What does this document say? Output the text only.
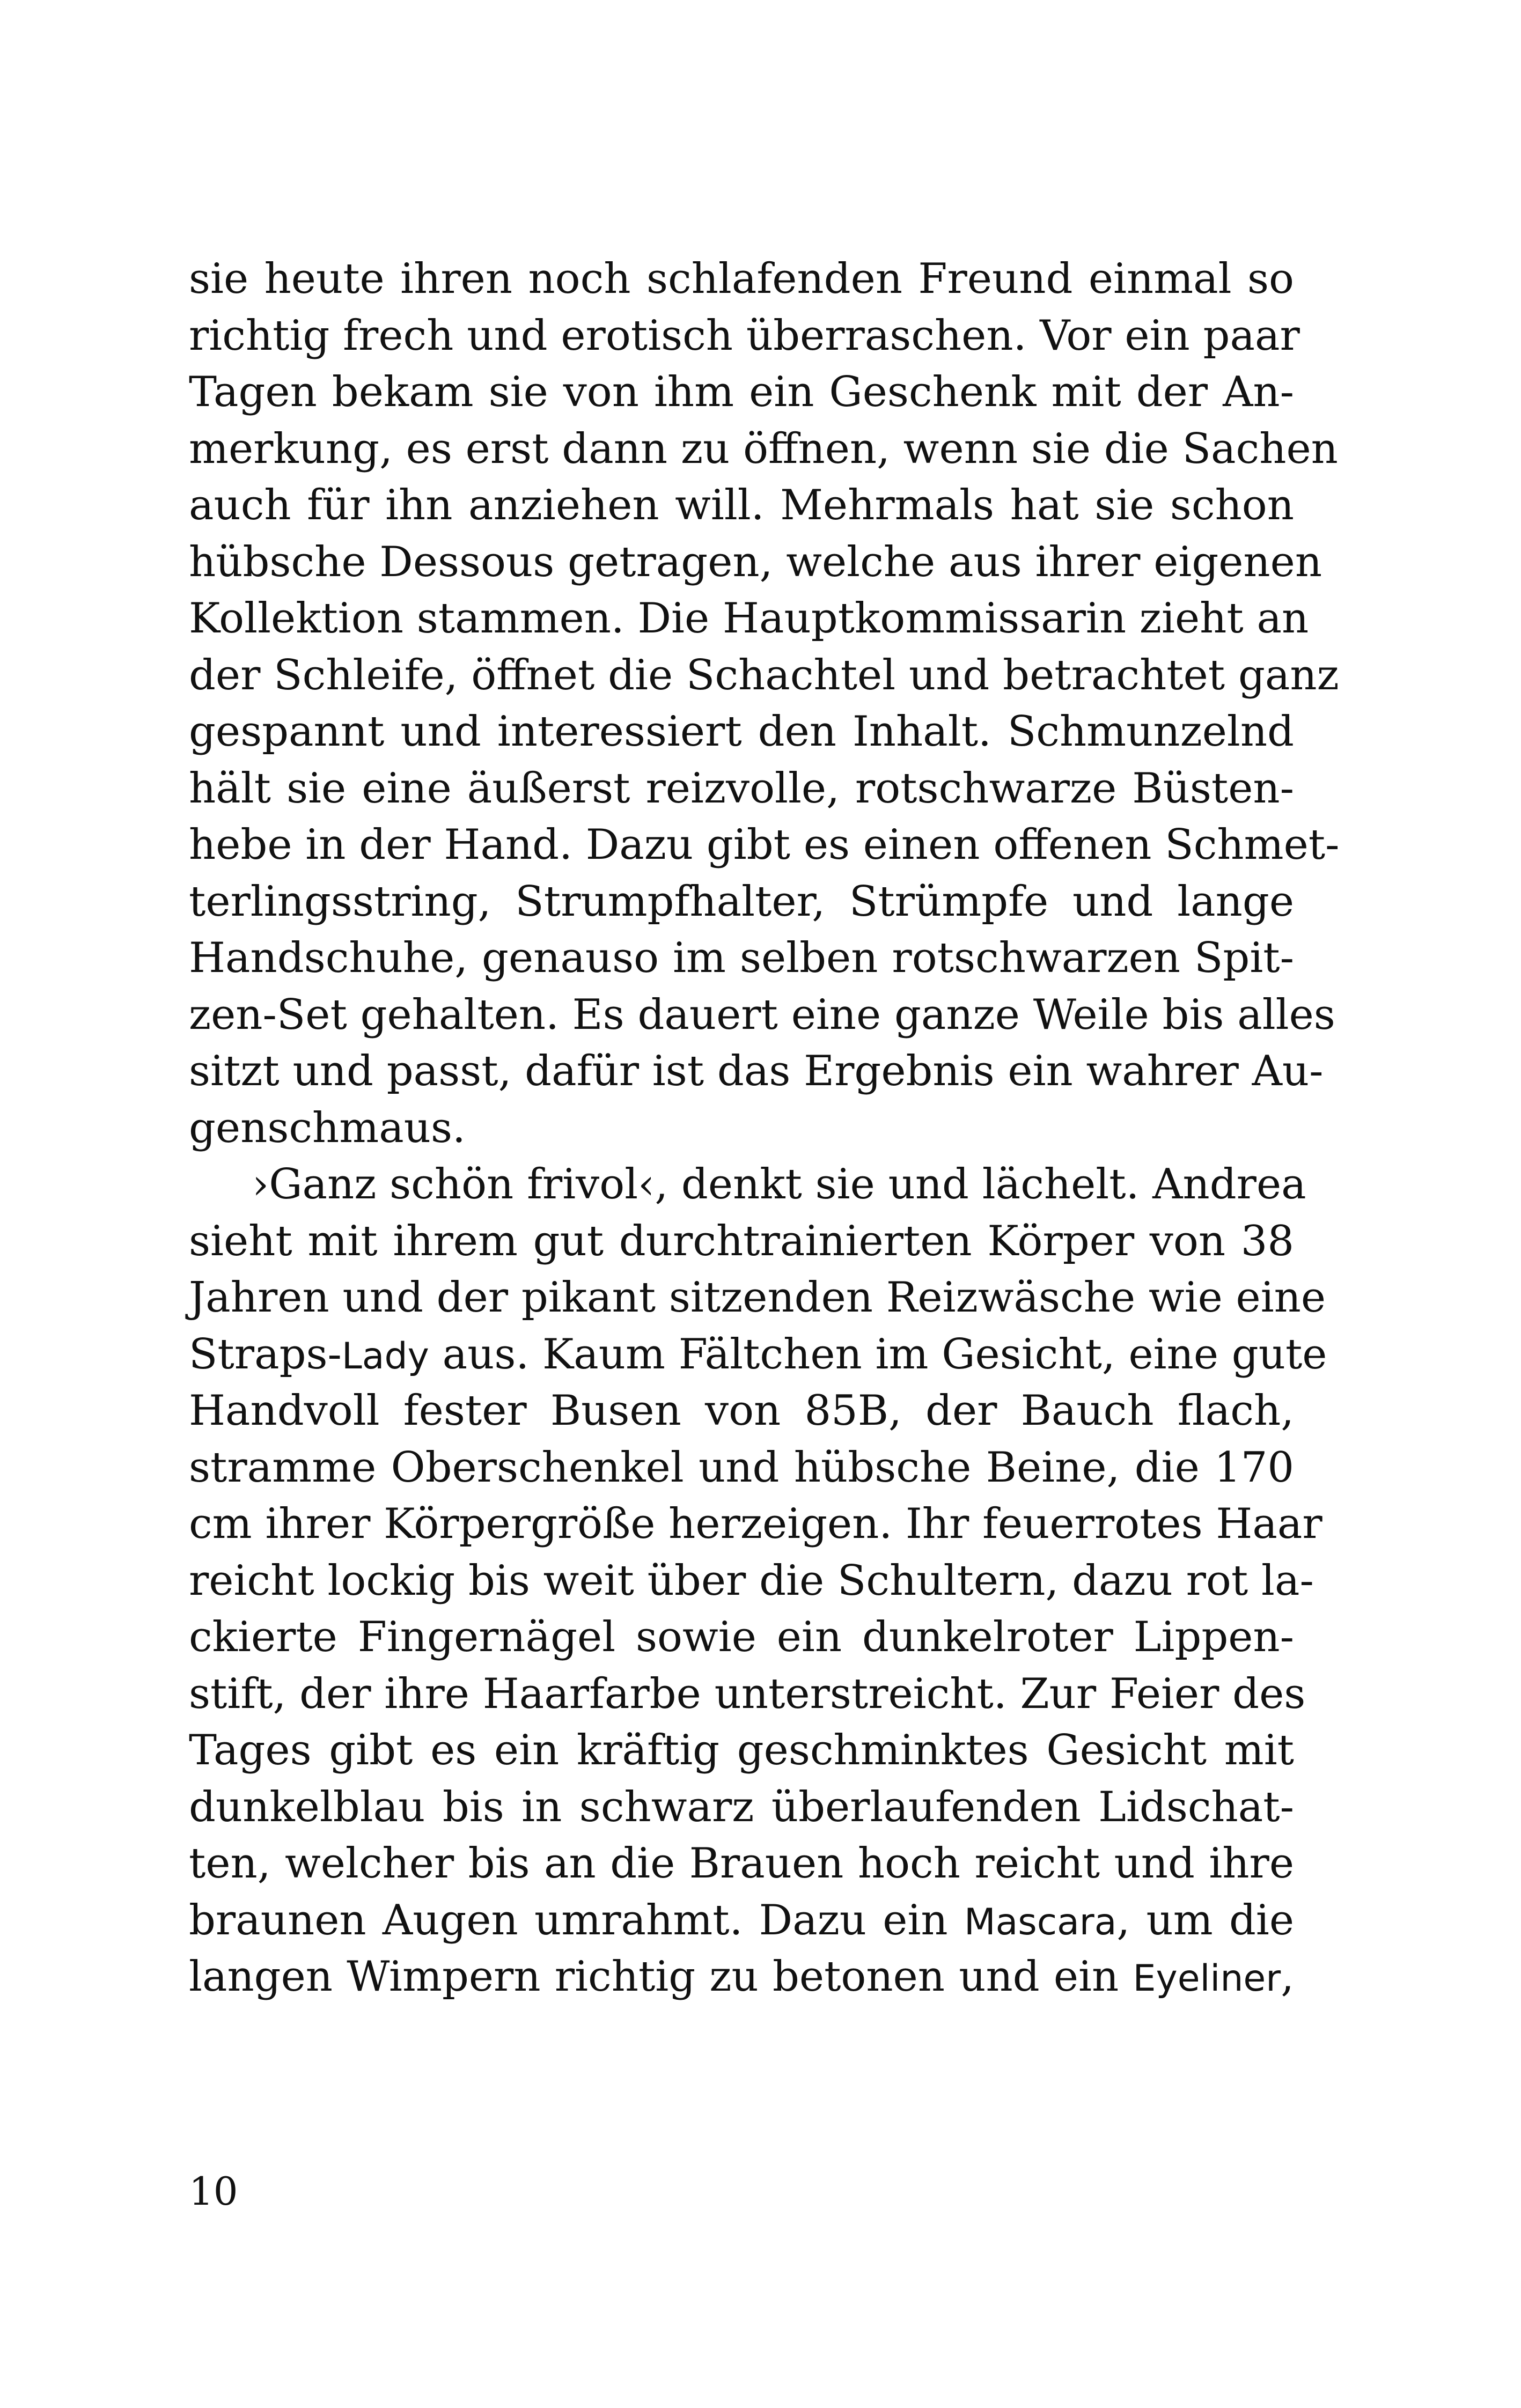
sie heute ihren noch schlafenden Freund einmal so
richtig frech und erotisch überraschen. Vor ein paar
Tagen bekam sie von ihm ein Geschenk mit der An-
merkung, es erst dann zu öffnen, wenn sie die Sachen
auch für ihn anziehen will. Mehrmals hat sie schon
hübsche Dessous getragen, welche aus ihrer eigenen
Kollektion stammen. Die Hauptkommissarin zieht an
der Schleife, öffnet die Schachtel und betrachtet ganz
gespannt und interessiert den Inhalt. Schmunzelnd
hält sie eine äußerst reizvolle, rotschwarze Büsten-
hebe in der Hand. Dazu gibt es einen offenen Schmet-
terlingsstring, Strumpfhalter, Strümpfe und lange
Handschuhe, genauso im selben rotschwarzen Spit-
zen-Set gehalten. Es dauert eine ganze Weile bis alles
sitzt und passt, dafür ist das Ergebnis ein wahrer Au-
genschmaus.
›Ganz schön frivol‹, denkt sie und lächelt. Andrea
sieht mit ihrem gut durchtrainierten Körper von 38
Jahren und der pikant sitzenden Reizwäsche wie eine
Straps-Lady aus. Kaum Fältchen im Gesicht, eine gute
Handvoll fester Busen von 85B, der Bauch flach,
stramme Oberschenkel und hübsche Beine, die 170
cm ihrer Körpergröße herzeigen. Ihr feuerrotes Haar
reicht lockig bis weit über die Schultern, dazu rot la-
ckierte Fingernägel sowie ein dunkelroter Lippen-
stift, der ihre Haarfarbe unterstreicht. Zur Feier des
Tages gibt es ein kräftig geschminktes Gesicht mit
dunkelblau bis in schwarz überlaufenden Lidschat-
ten, welcher bis an die Brauen hoch reicht und ihre
braunen Augen umrahmt. Dazu ein Mascara, um die
langen Wimpern richtig zu betonen und ein Eyeliner,
10
